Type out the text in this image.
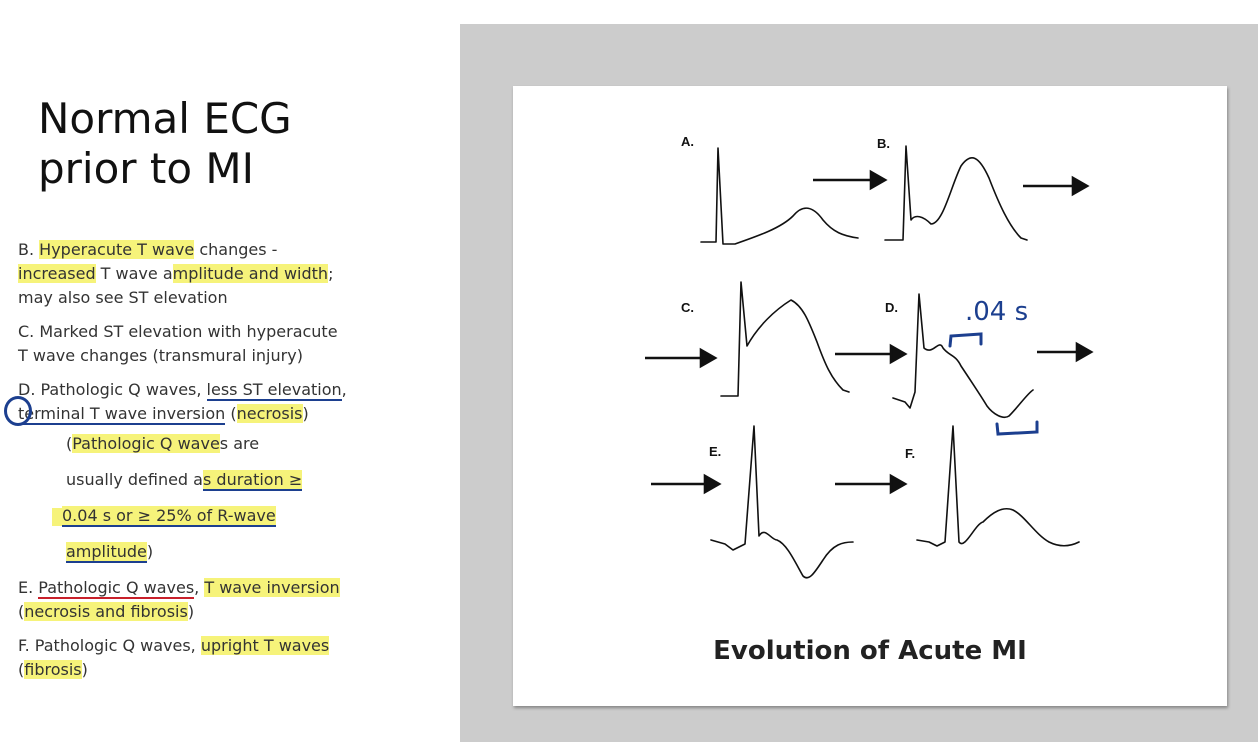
Normal ECG
prior to MI

B. Hyperacute T wave changes -
increased T wave amplitude and width;
may also see ST elevation

C. Marked ST elevation with hyperacute
T wave changes (transmural injury)

D. Pathologic Q waves, less ST elevation,
terminal T wave inversion (necrosis)

(Pathologic Q waves are
usually defined as duration ≥
0.04 s or ≥ 25% of R-wave
amplitude)

E. Pathologic Q waves, T wave inversion
(necrosis and fibrosis)

F. Pathologic Q waves, upright T waves
(fibrosis)

A.	B.
C.	D.
E.	F.
.04 s
Evolution of Acute MI
